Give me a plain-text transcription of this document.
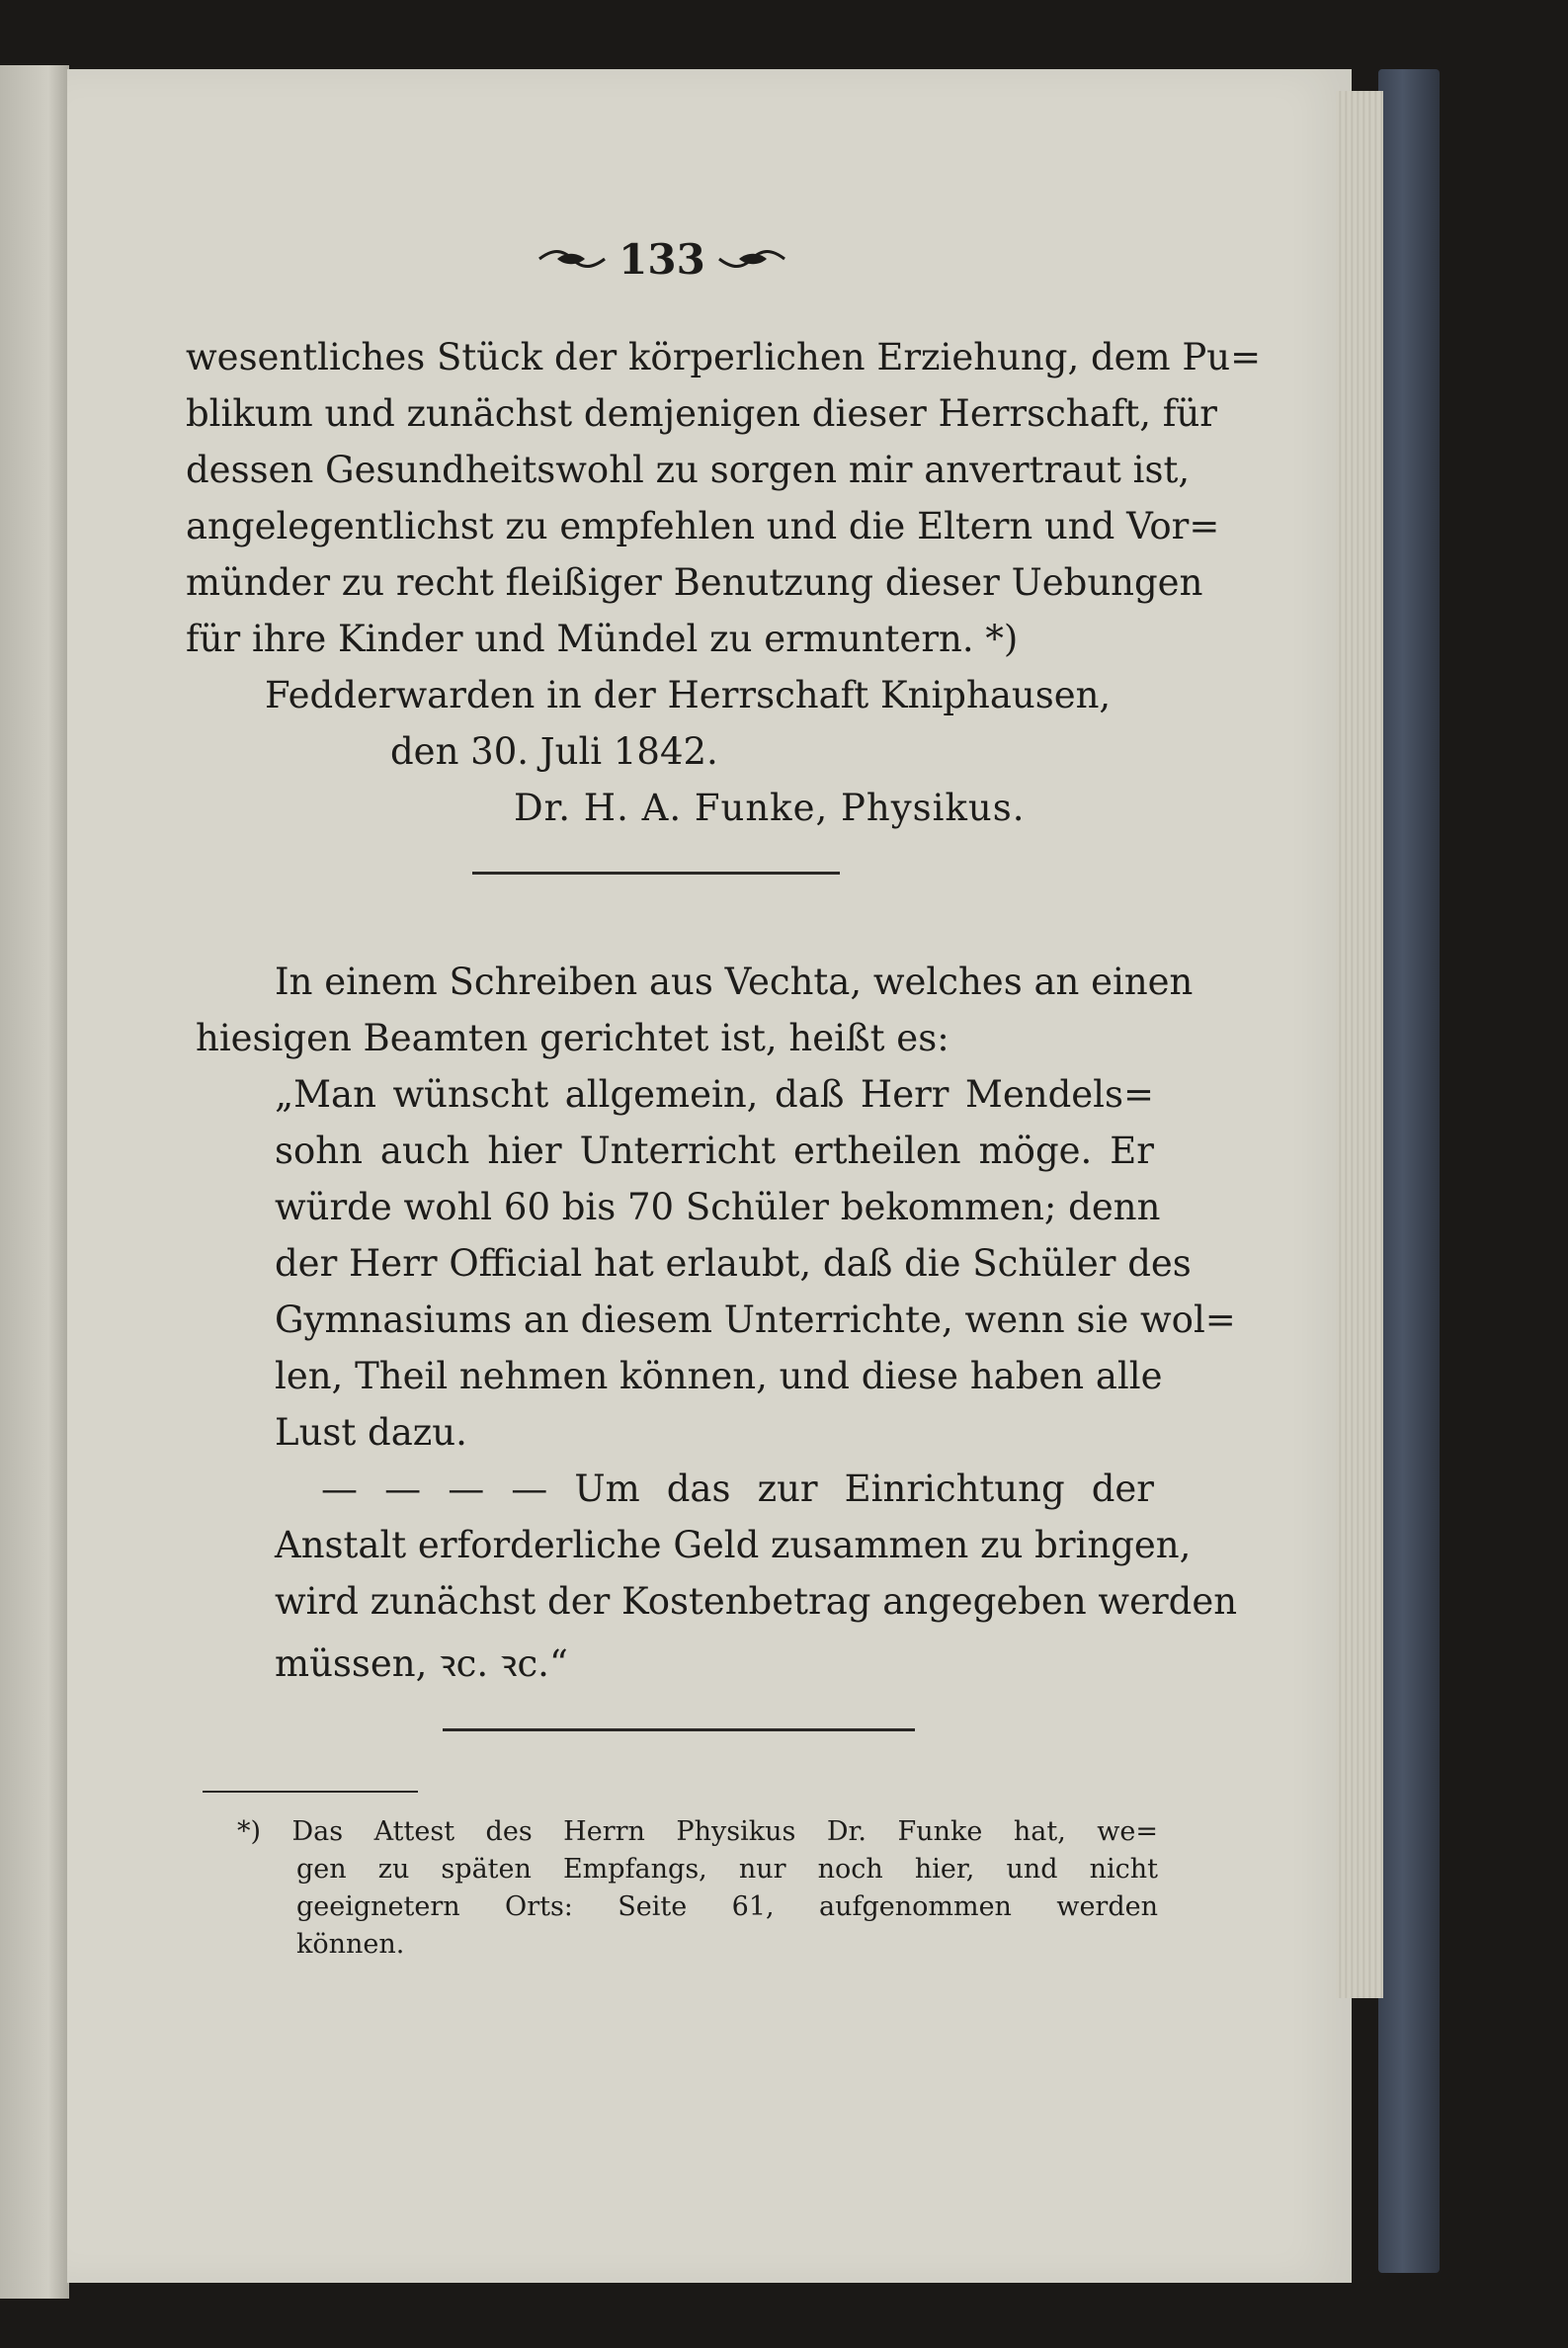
133
wesentliches Stück der körperlichen Erziehung, dem Pu=
blikum und zunächst demjenigen dieser Herrschaft, für
dessen Gesundheitswohl zu sorgen mir anvertraut ist,
angelegentlichst zu empfehlen und die Eltern und Vor=
münder zu recht fleißiger Benutzung dieser Uebungen
für ihre Kinder und Mündel zu ermuntern. *)
Fedderwarden in der Herrschaft Kniphausen,
den 30. Juli 1842.
Dr. H. A. Funke, Physikus.
In einem Schreiben aus Vechta, welches an einen
hiesigen Beamten gerichtet ist, heißt es:
„Man wünscht allgemein, daß Herr Mendels=
sohn auch hier Unterricht ertheilen möge. Er
würde wohl 60 bis 70 Schüler bekommen; denn
der Herr Official hat erlaubt, daß die Schüler des
Gymnasiums an diesem Unterrichte, wenn sie wol=
len, Theil nehmen können, und diese haben alle
Lust dazu.
— — — — Um das zur Einrichtung der
Anstalt erforderliche Geld zusammen zu bringen,
wird zunächst der Kostenbetrag angegeben werden
müssen, ꝛc. ꝛc.“
*) Das Attest des Herrn Physikus Dr. Funke hat, we=
gen zu späten Empfangs, nur noch hier, und nicht
geeignetern Orts: Seite 61, aufgenommen werden
können.
